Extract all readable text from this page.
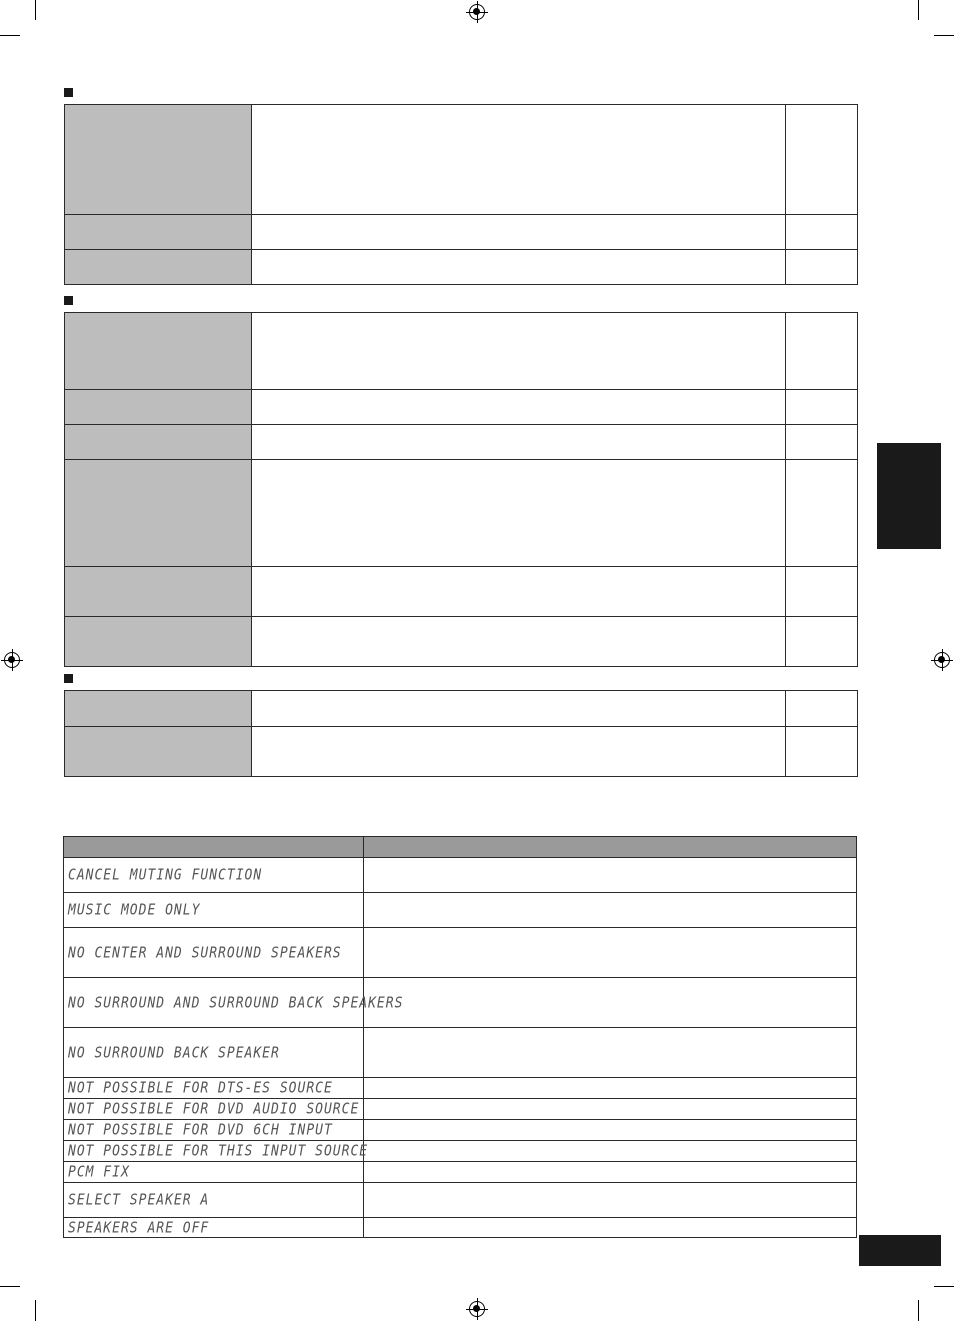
CANCEL MUTING FUNCTION	
MUSIC MODE ONLY	
NO CENTER AND SURROUND SPEAKERS	
NO SURROUND AND SURROUND BACK SPEAKERS	
NO SURROUND BACK SPEAKER	
NOT POSSIBLE FOR DTS-ES SOURCE	
NOT POSSIBLE FOR DVD AUDIO SOURCE	
NOT POSSIBLE FOR DVD 6CH INPUT	
NOT POSSIBLE FOR THIS INPUT SOURCE	
PCM FIX	
SELECT SPEAKER A	
SPEAKERS ARE OFF	
